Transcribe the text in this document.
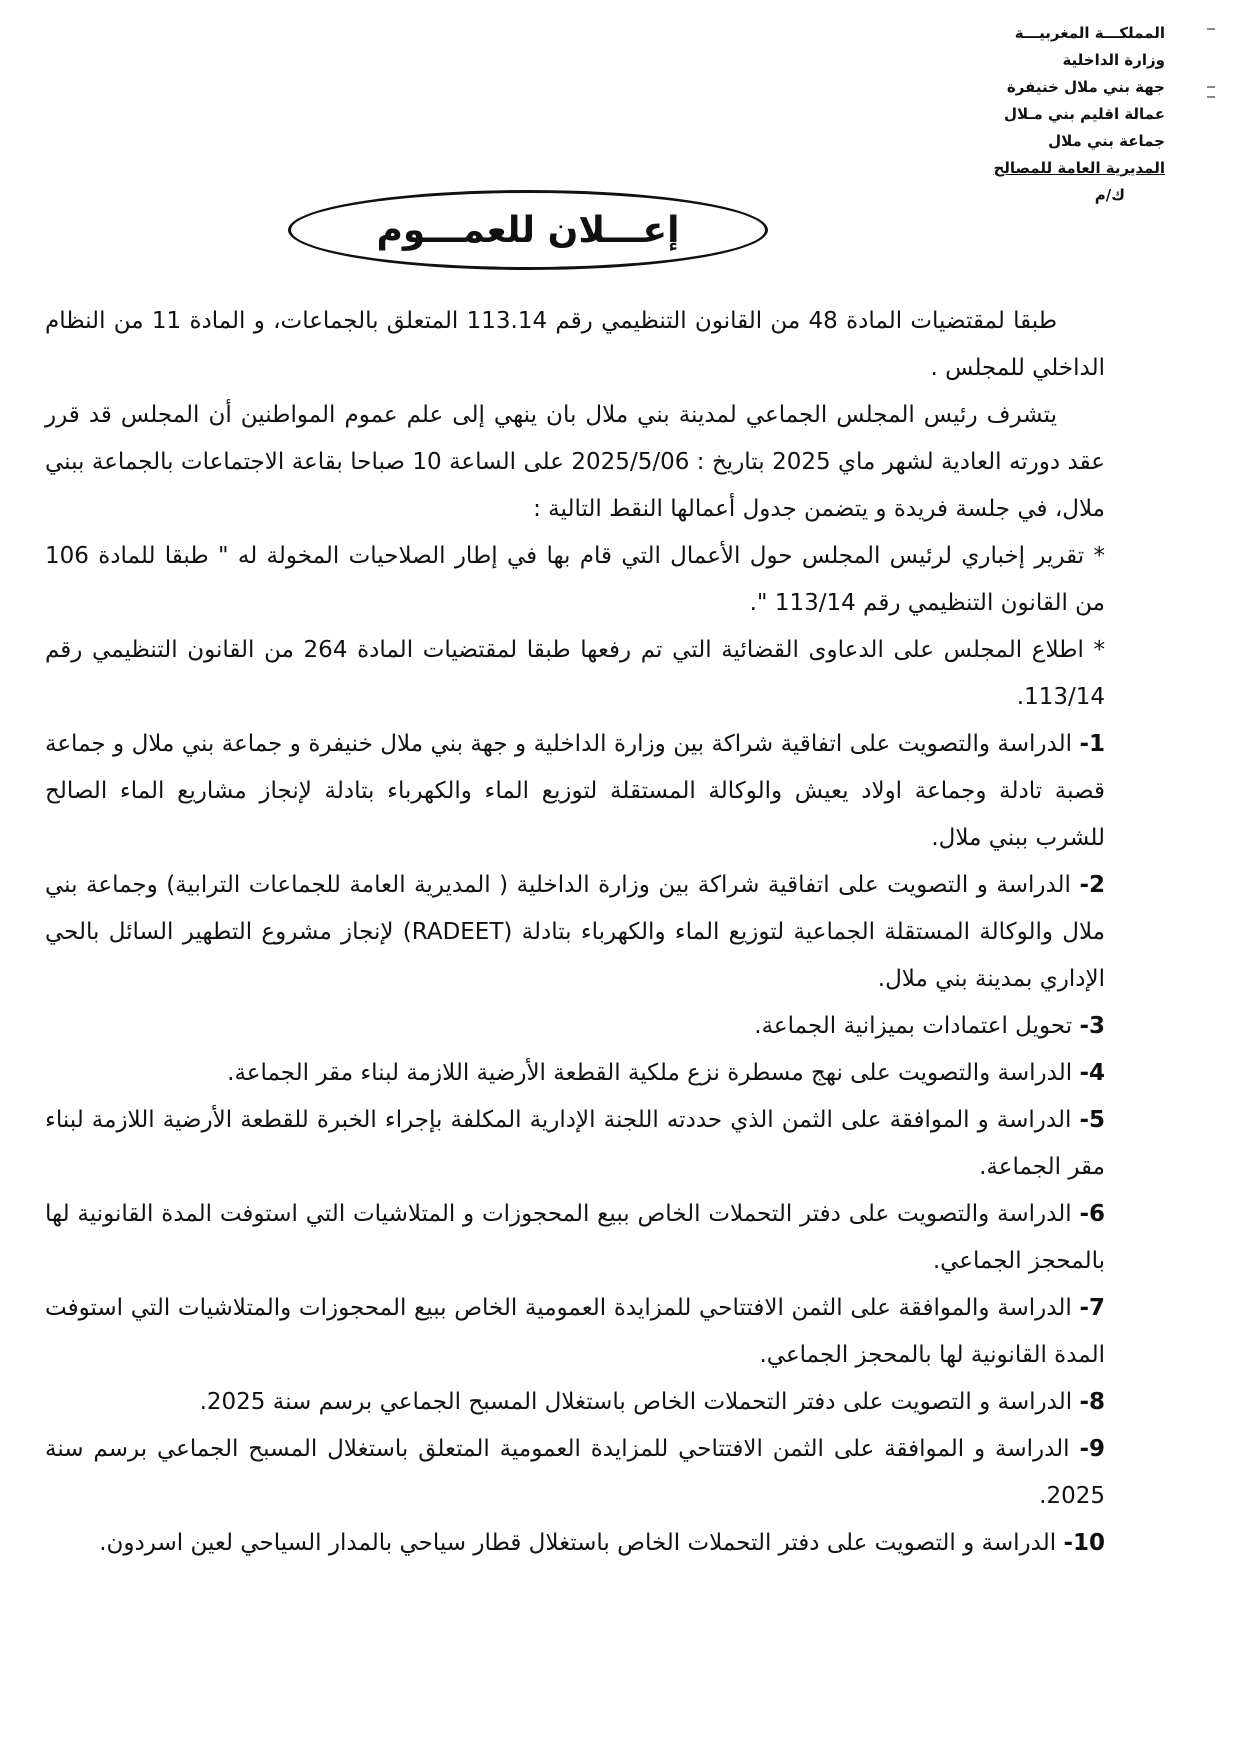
المملكـــة المغربيـــة
وزارة الداخلية
جهة بني ملال خنيفرة
عمالة اقليم بني مـلال
جماعة بني ملال
المديرية العامة للمصالح
ك/م
إعـــلان للعمـــوم

طبقا لمقتضيات المادة 48 من القانون التنظيمي رقم 113.14 المتعلق بالجماعات، و المادة 11 من النظام الداخلي للمجلس .

يتشرف رئيس المجلس الجماعي لمدينة بني ملال بان ينهي إلى علم عموم المواطنين أن المجلس قد قرر عقد دورته العادية لشهر ماي 2025 بتاريخ : 2025/5/06 على الساعة 10 صباحا بقاعة الاجتماعات بالجماعة ببني ملال، في جلسة فريدة و يتضمن جدول أعمالها النقط التالية :

* تقرير إخباري لرئيس المجلس حول الأعمال التي قام بها في إطار الصلاحيات المخولة له " طبقا للمادة 106 من القانون التنظيمي رقم 113/14 ".

* اطلاع المجلس على الدعاوى القضائية التي تم رفعها طبقا لمقتضيات المادة 264 من القانون التنظيمي رقم 113/14.

1- الدراسة والتصويت على اتفاقية شراكة بين وزارة الداخلية و جهة بني ملال خنيفرة و جماعة بني ملال و جماعة قصبة تادلة وجماعة اولاد يعيش والوكالة المستقلة لتوزيع الماء والكهرباء بتادلة لإنجاز مشاريع الماء الصالح للشرب ببني ملال.

2- الدراسة و التصويت على اتفاقية شراكة بين وزارة الداخلية ( المديرية العامة للجماعات الترابية) وجماعة بني ملال والوكالة المستقلة الجماعية لتوزيع الماء والكهرباء بتادلة (RADEET) لإنجاز مشروع التطهير السائل بالحي الإداري بمدينة بني ملال.

3- تحويل اعتمادات بميزانية الجماعة.

4- الدراسة والتصويت على نهج مسطرة نزع ملكية القطعة الأرضية اللازمة لبناء مقر الجماعة.

5- الدراسة و الموافقة على الثمن الذي حددته اللجنة الإدارية المكلفة بإجراء الخبرة للقطعة الأرضية اللازمة لبناء مقر الجماعة.

6- الدراسة والتصويت على دفتر التحملات الخاص ببيع المحجوزات و المتلاشيات التي استوفت المدة القانونية لها بالمحجز الجماعي.

7- الدراسة والموافقة على الثمن الافتتاحي للمزايدة العمومية الخاص ببيع المحجوزات والمتلاشيات التي استوفت المدة القانونية لها بالمحجز الجماعي.

8- الدراسة و التصويت على دفتر التحملات الخاص باستغلال المسبح الجماعي برسم سنة 2025.

9- الدراسة و الموافقة على الثمن الافتتاحي للمزايدة العمومية المتعلق باستغلال المسبح الجماعي برسم سنة 2025.

10- الدراسة و التصويت على دفتر التحملات الخاص باستغلال قطار سياحي بالمدار السياحي لعين اسردون.
